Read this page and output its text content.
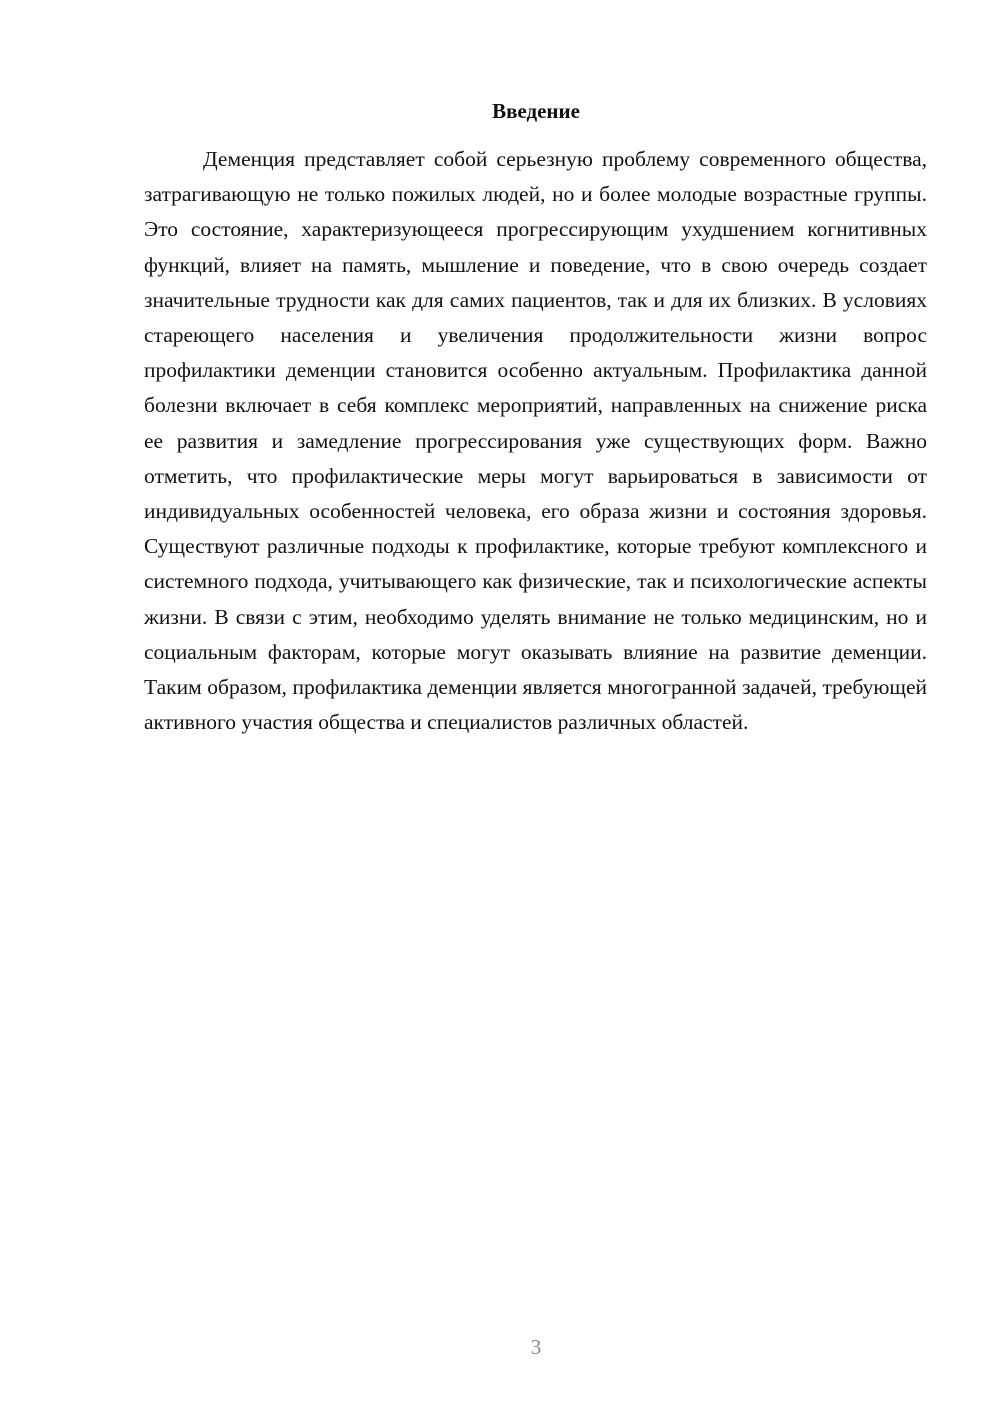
Введение

Деменция представляет собой серьезную проблему современного общества, затрагивающую не только пожилых людей, но и более молодые возрастные группы. Это состояние, характеризующееся прогрессирующим ухудшением когнитивных функций, влияет на память, мышление и поведение, что в свою очередь создает значительные трудности как для самих пациентов, так и для их близких. В условиях стареющего населения и увеличения продолжительности жизни вопрос профилактики деменции становится особенно актуальным. Профилактика данной болезни включает в себя комплекс мероприятий, направленных на снижение риска ее развития и замедление прогрессирования уже существующих форм. Важно отметить, что профилактические меры могут варьироваться в зависимости от индивидуальных особенностей человека, его образа жизни и состояния здоровья. Существуют различные подходы к профилактике, которые требуют комплексного и системного подхода, учитывающего как физические, так и психологические аспекты жизни. В связи с этим, необходимо уделять внимание не только медицинским, но и социальным факторам, которые могут оказывать влияние на развитие деменции. Таким образом, профилактика деменции является многогранной задачей, требующей активного участия общества и специалистов различных областей.

3
